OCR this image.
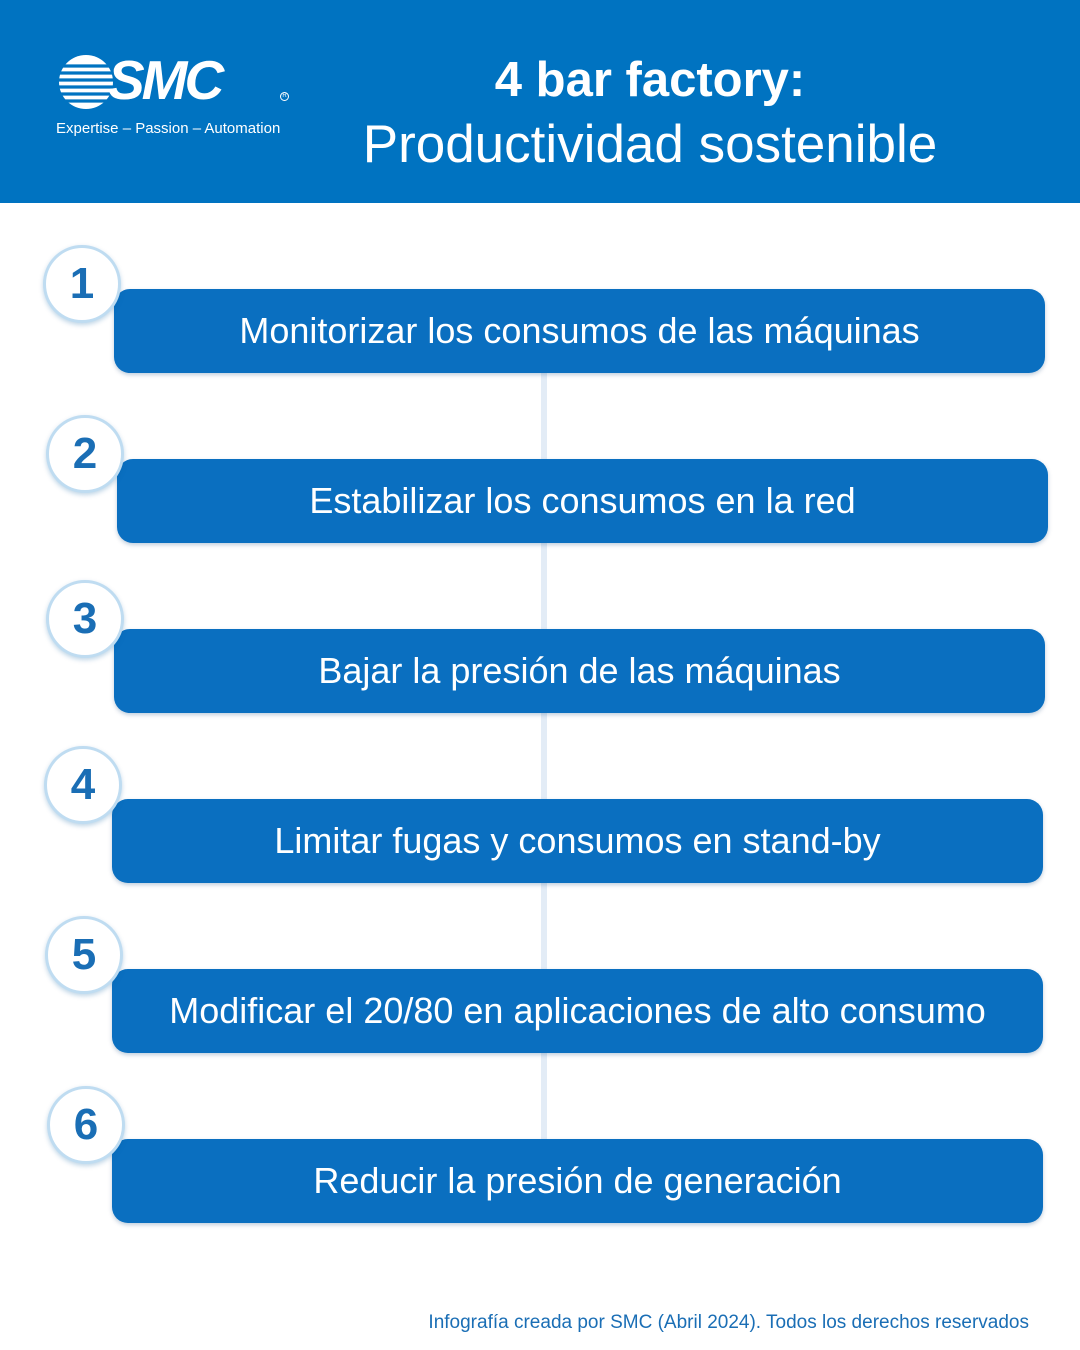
SMC	R
Expertise – Passion – Automation
4 bar factory:
Productividad sostenible
Monitorizar los consumos de las máquinas
1
Estabilizar los consumos en la red
2
Bajar la presión de las máquinas
3
Limitar fugas y consumos en stand-by
4
Modificar el 20/80 en aplicaciones de alto consumo
5
Reducir la presión de generación
6
Infografía creada por SMC (Abril 2024). Todos los derechos reservados
